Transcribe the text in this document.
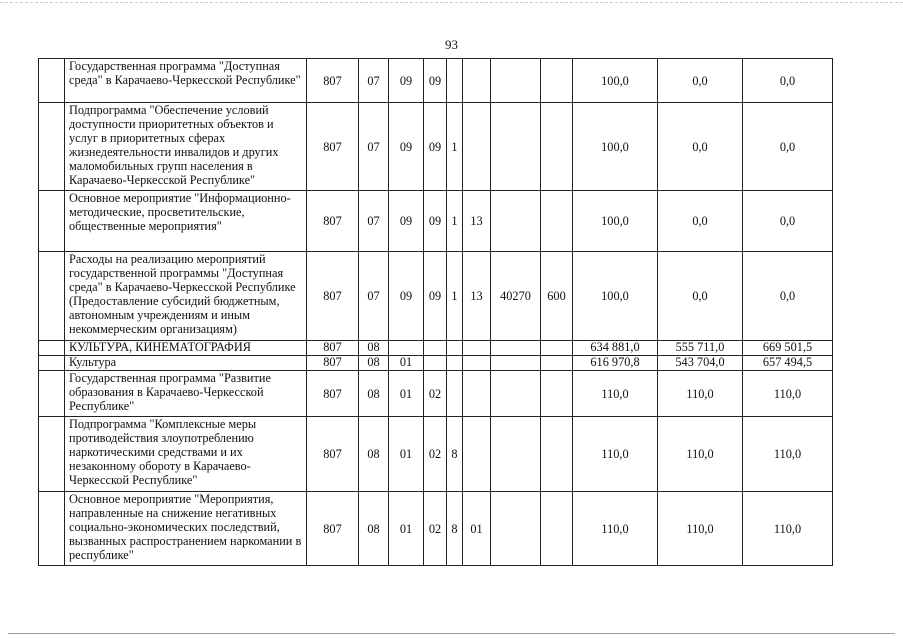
93
	Государственная программа "Доступная среда" в Карачаево-Черкесской Республике"	807	07	09	09					100,0	0,0	0,0
	Подпрограмма "Обеспечение условий доступности приоритетных объектов и услуг в приоритетных сферах жизнедеятельности инвалидов и других маломобильных групп населения в Карачаево-Черкесской Республике"	807	07	09	09	1				100,0	0,0	0,0
	Основное мероприятие "Информационно-методические, просветительские, общественные мероприятия"	807	07	09	09	1	13			100,0	0,0	0,0
	Расходы на реализацию мероприятий государственной программы "Доступная среда" в Карачаево-Черкесской Республике (Предоставление субсидий бюджетным, автономным учреждениям и иным некоммерческим организациям)	807	07	09	09	1	13	40270	600	100,0	0,0	0,0
	КУЛЬТУРА, КИНЕМАТОГРАФИЯ	807	08							634 881,0	555 711,0	669 501,5
	Культура	807	08	01						616 970,8	543 704,0	657 494,5
	Государственная программа "Развитие образования в Карачаево-Черкесской Республике"	807	08	01	02					110,0	110,0	110,0
	Подпрограмма "Комплексные меры противодействия злоупотреблению наркотическими средствами и их незаконному обороту в Карачаево-Черкесской Республике"	807	08	01	02	8				110,0	110,0	110,0
	Основное мероприятие "Мероприятия, направленные на снижение негативных социально-экономических последствий, вызванных распространением наркомании в республике"	807	08	01	02	8	01			110,0	110,0	110,0
